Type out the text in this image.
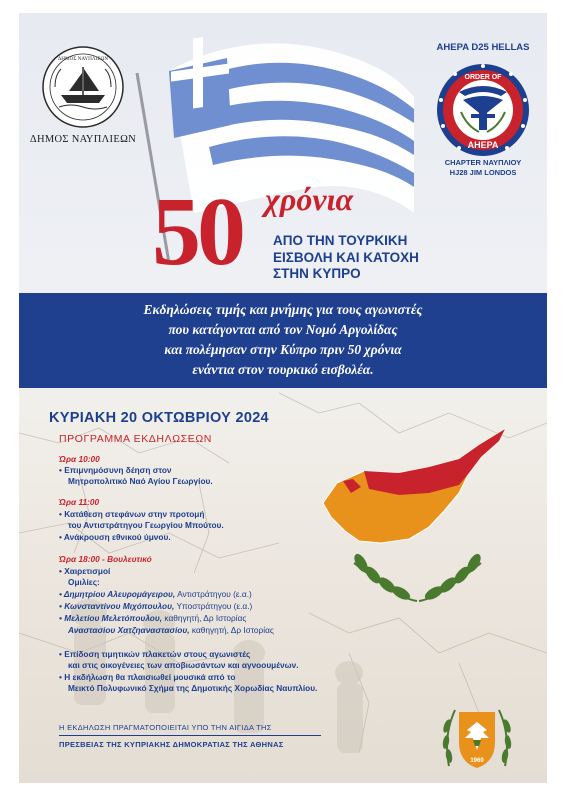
ΔΗΜΟΣ ΝΑΥΠΛΙΕΩΝ
ΔΗΜΟΣ ΝΑΥΠΛΙΕΩΝ
AHEPA D25 HELLAS
ORDER OF
AHEPA
CHAPTER ΝΑΥΠΛΙΟΥ
HJ28 JIM LONDOS
50 χρόνια
ΑΠΟ ΤΗΝ ΤΟΥΡΚΙΚΗ
ΕΙΣΒΟΛΗ ΚΑΙ ΚΑΤΟΧΗ
ΣΤΗΝ ΚΥΠΡΟ
Εκδηλώσεις τιμής και μνήμης για τους αγωνιστές
που κατάγονται από τον Νομό Αργολίδας
και πολέμησαν στην Κύπρο πριν 50 χρόνια
ενάντια στον τουρκικό εισβολέα.
ΚΥΡΙΑΚΗ 20 ΟΚΤΩΒΡΙΟΥ 2024
ΠΡΟΓΡΑΜΜΑ ΕΚΔΗΛΩΣΕΩΝ
Ώρα 10:00
• Επιμνημόσυνη δέηση στον
Μητροπολιτικό Ναό Αγίου Γεωργίου.
Ώρα 11:00
• Κατάθεση στεφάνων στην προτομή
του Αντιστράτηγου Γεωργίου Μπούτου.
• Ανάκρουση εθνικού ύμνου.
Ώρα 18:00 - Βουλευτικό
• Χαιρετισμοί
Ομιλίες:
• Δημητρίου Αλευρομάγειρου, Αντιστράτηγου (ε.α.)
• Κωνσταντίνου Μιχόπουλου, Υποστράτηγου (ε.α.)
• Μελετίου Μελετόπουλου, καθηγητή, Δρ Ιστορίας
Αναστασίου Χατζηαναστασίου, καθηγητή, Δρ Ιστορίας
• Επίδοση τιμητικών πλακετών στους αγωνιστές
και στις οικογένειες των αποβιωσάντων και αγνοουμένων.
• Η εκδήλωση θα πλαισιωθεί μουσικά από το
Μεικτό Πολυφωνικό Σχήμα της Δημοτικής Χορωδίας Ναυπλίου.
Η ΕΚΔΗΛΩΣΗ ΠΡΑΓΜΑΤΟΠΟΙΕΙΤΑΙ ΥΠΟ ΤΗΝ ΑΙΓΙΔΑ ΤΗΣ
ΠΡΕΣΒΕΙΑΣ ΤΗΣ ΚΥΠΡΙΑΚΗΣ ΔΗΜΟΚΡΑΤΙΑΣ ΤΗΣ ΑΘΗΝΑΣ
1960
